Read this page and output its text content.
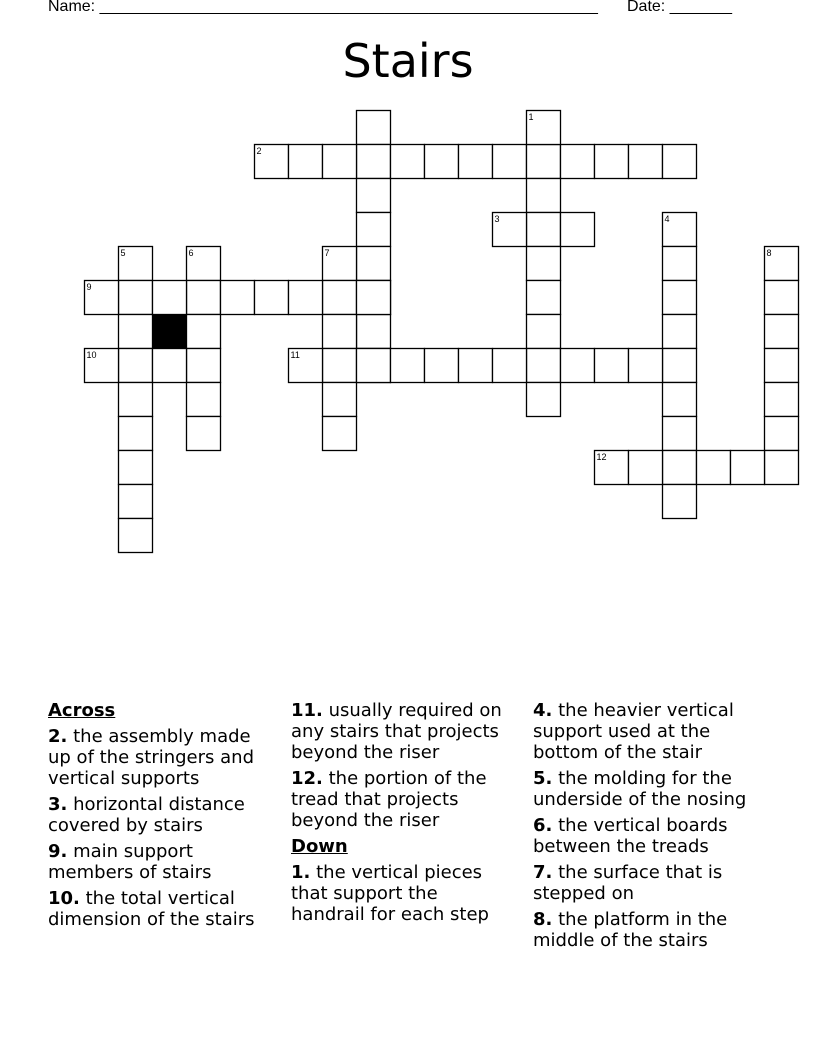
Name: ________________________________________________________ Date: _______
Stairs
1
2
3	4
5	6	7	8
9
10	11
12
Across
2. the assembly made up of the stringers and vertical supports
3. horizontal distance covered by stairs
9. main support members of stairs
10. the total vertical dimension of the stairs
11. usually required on any stairs that projects beyond the riser
12. the portion of the tread that projects beyond the riser
Down
1. the vertical pieces that support the handrail for each step
4. the heavier vertical support used at the bottom of the stair
5. the molding for the underside of the nosing
6. the vertical boards between the treads
7. the surface that is stepped on
8. the platform in the middle of the stairs
